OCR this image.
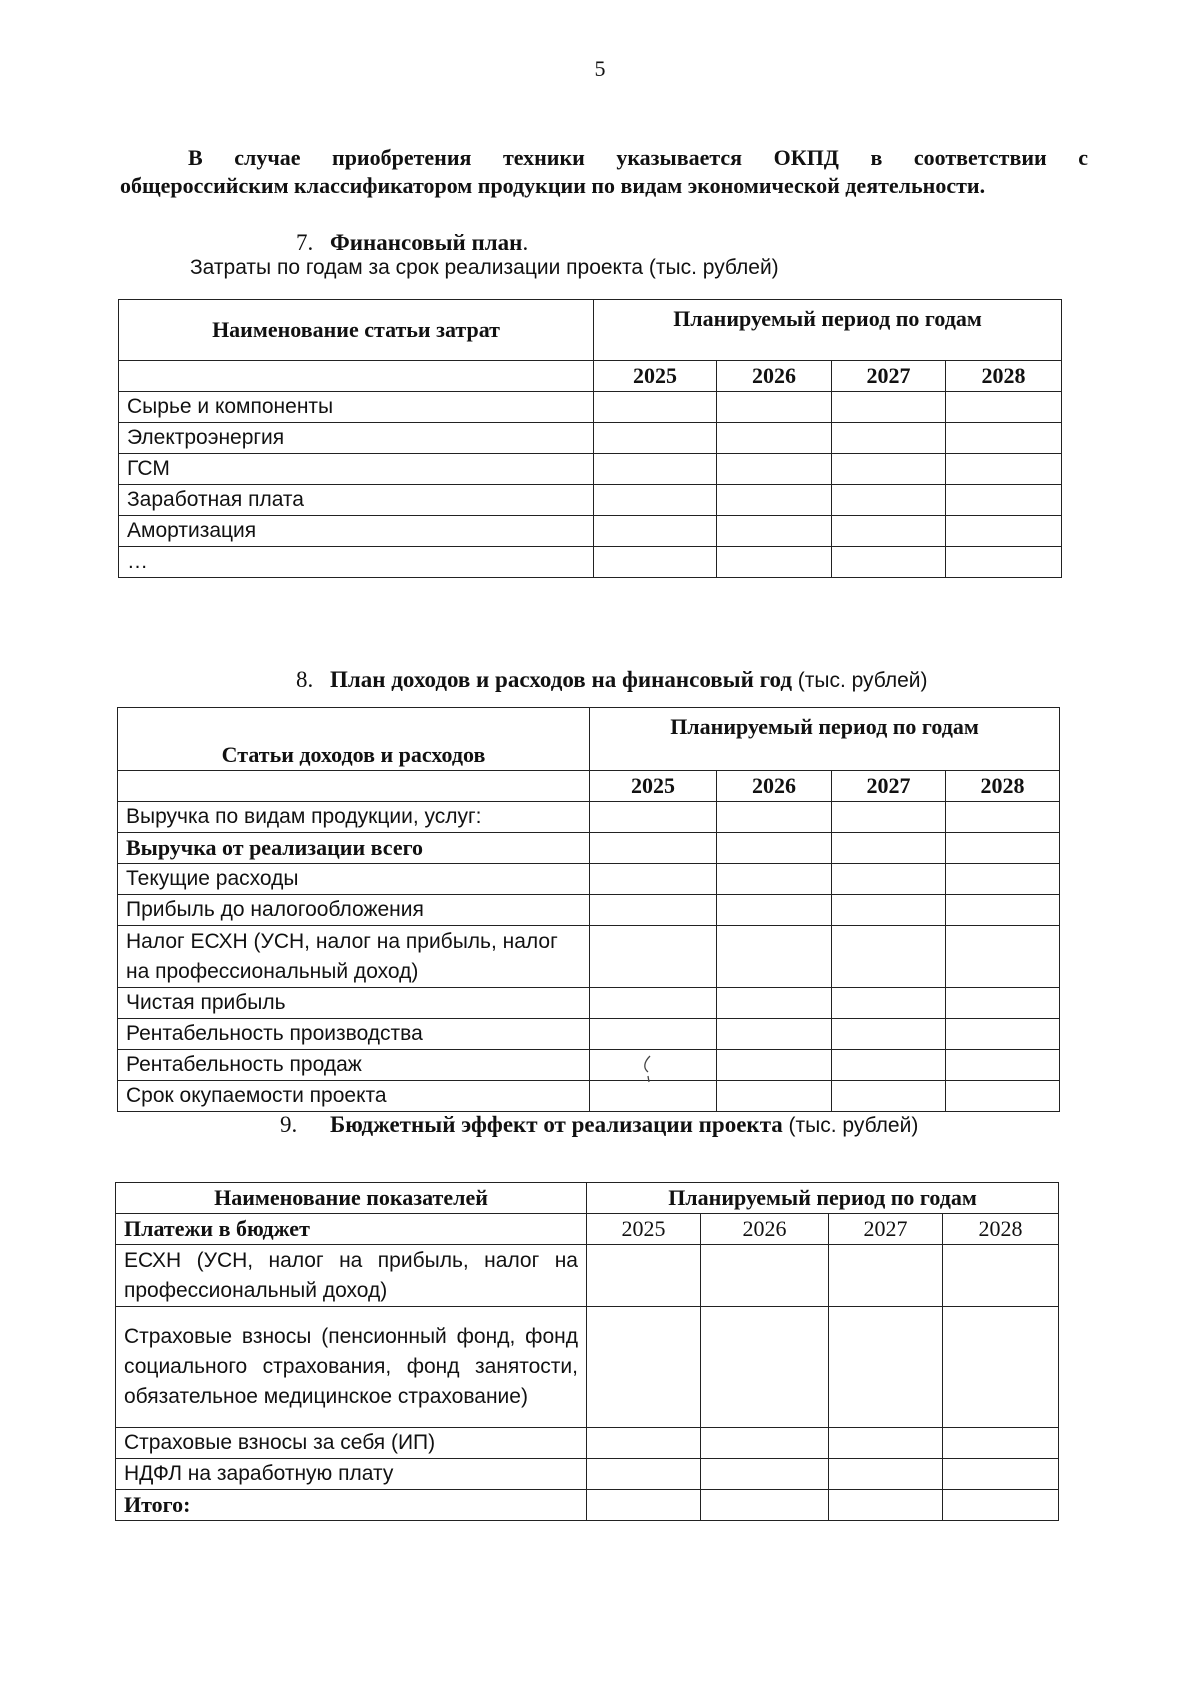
5
В случае приобретения техники указывается ОКПД в соответствии с
общероссийским классификатором продукции по видам экономической деятельности.
7. Финансовый план.
Затраты по годам за срок реализации проекта (тыс. рублей)
Наименование статьи затрат	Планируемый период по годам			
	2025	2026	2027	2028
Сырье и компоненты				
Электроэнергия				
ГСМ				
Заработная плата				
Амортизация				
…				
8. План доходов и расходов на финансовый год (тыс. рублей)
Статьи доходов и расходов	Планируемый период по годам			
	2025	2026	2027	2028
Выручка по видам продукции, услуг:				
Выручка от реализации всего				
Текущие расходы				
Прибыль до налогообложения				
Налог ЕСХН (УСН, налог на прибыль, налог на профессиональный доход)				
Чистая прибыль				
Рентабельность производства				
Рентабельность продаж				
Срок окупаемости проекта				
9. Бюджетный эффект от реализации проекта (тыс. рублей)
Наименование показателей	Планируемый период по годам			
Платежи в бюджет	2025	2026	2027	2028
ЕСХН (УСН, налог на прибыль, налог на профессиональный доход)				
Страховые взносы (пенсионный фонд, фонд социального страхования, фонд занятости, обязательное медицинское страхование)				
Страховые взносы за себя (ИП)				
НДФЛ на заработную плату				
Итого:				
